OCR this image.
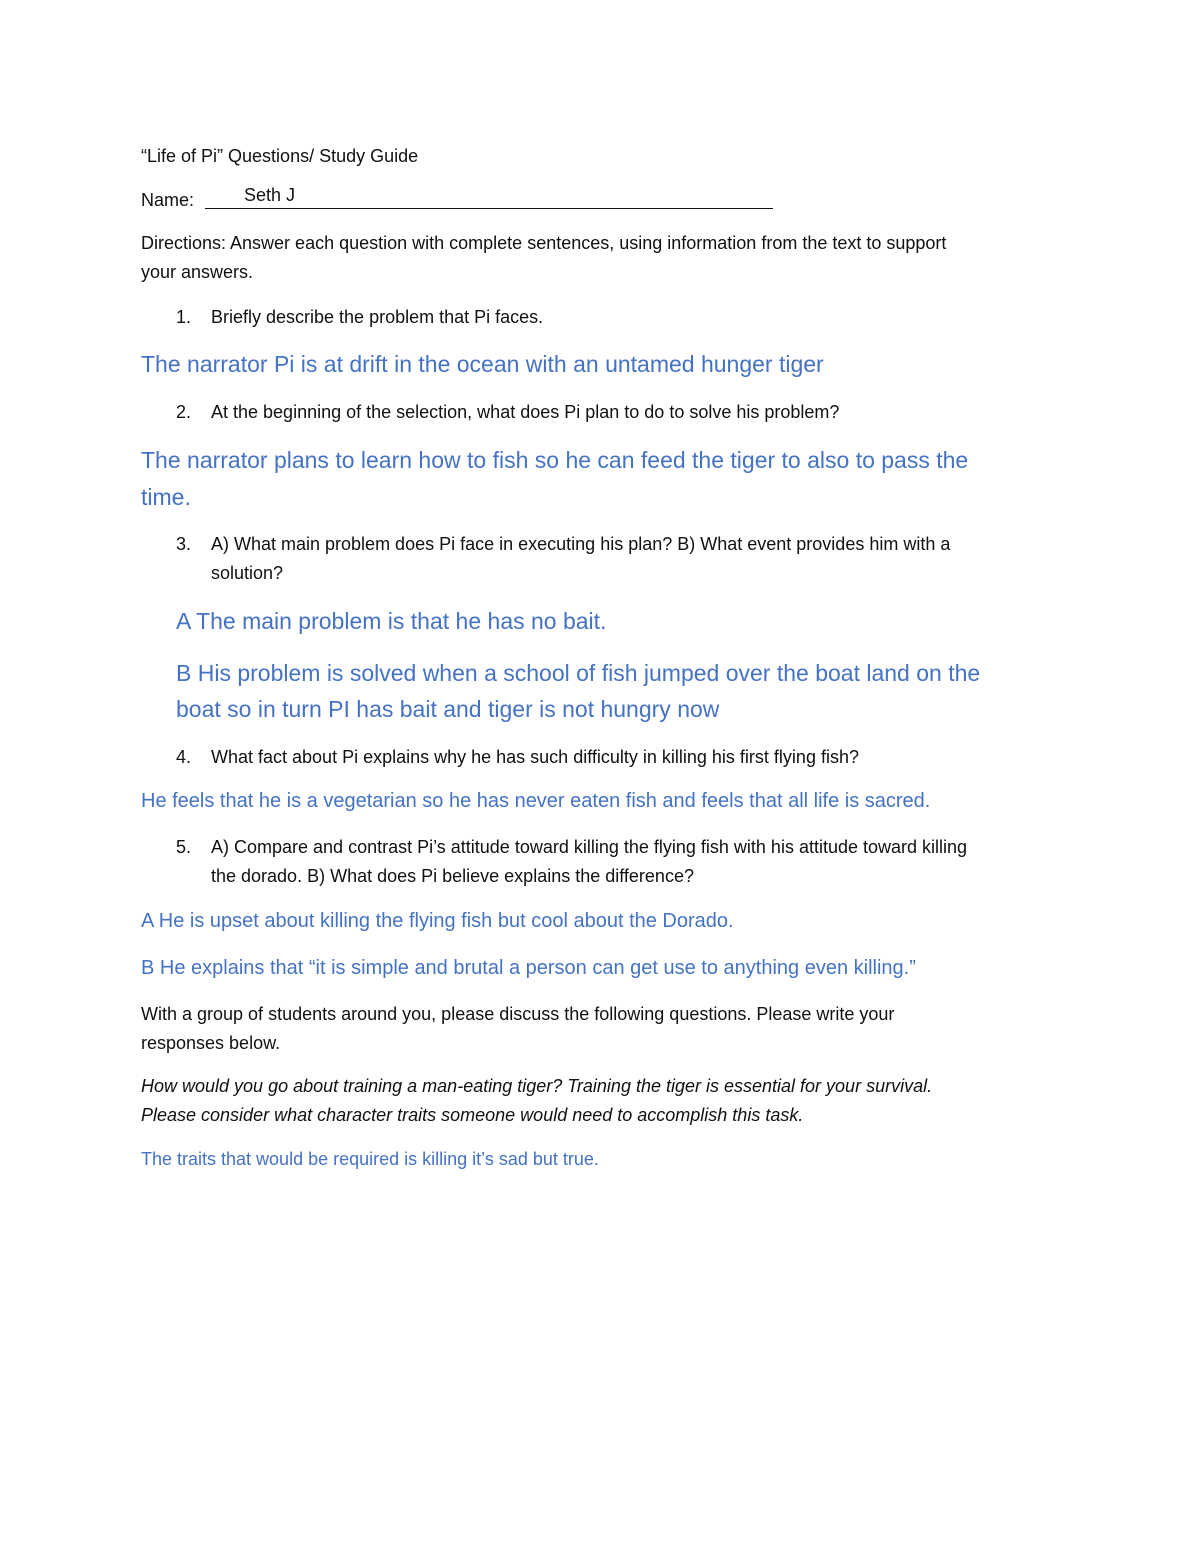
“Life of Pi” Questions/ Study Guide

Name:	Seth J

Directions: Answer each question with complete sentences, using information from the text to support

your answers.

1. Briefly describe the problem that Pi faces.

The narrator Pi is at drift in the ocean with an untamed hunger tiger

2. At the beginning of the selection, what does Pi plan to do to solve his problem?

The narrator plans to learn how to fish so he can feed the tiger to also to pass the

time.

3. A) What main problem does Pi face in executing his plan? B) What event provides him with a

solution?

A The main problem is that he has no bait.

B His problem is solved when a school of fish jumped over the boat land on the

boat so in turn PI has bait and tiger is not hungry now

4. What fact about Pi explains why he has such difficulty in killing his first flying fish?

He feels that he is a vegetarian so he has never eaten fish and feels that all life is sacred.

5. A) Compare and contrast Pi’s attitude toward killing the flying fish with his attitude toward killing

the dorado. B) What does Pi believe explains the difference?

A He is upset about killing the flying fish but cool about the Dorado.

B He explains that “it is simple and brutal a person can get use to anything even killing.”

With a group of students around you, please discuss the following questions. Please write your

responses below.

How would you go about training a man-eating tiger? Training the tiger is essential for your survival.

Please consider what character traits someone would need to accomplish this task.

The traits that would be required is killing it’s sad but true.
